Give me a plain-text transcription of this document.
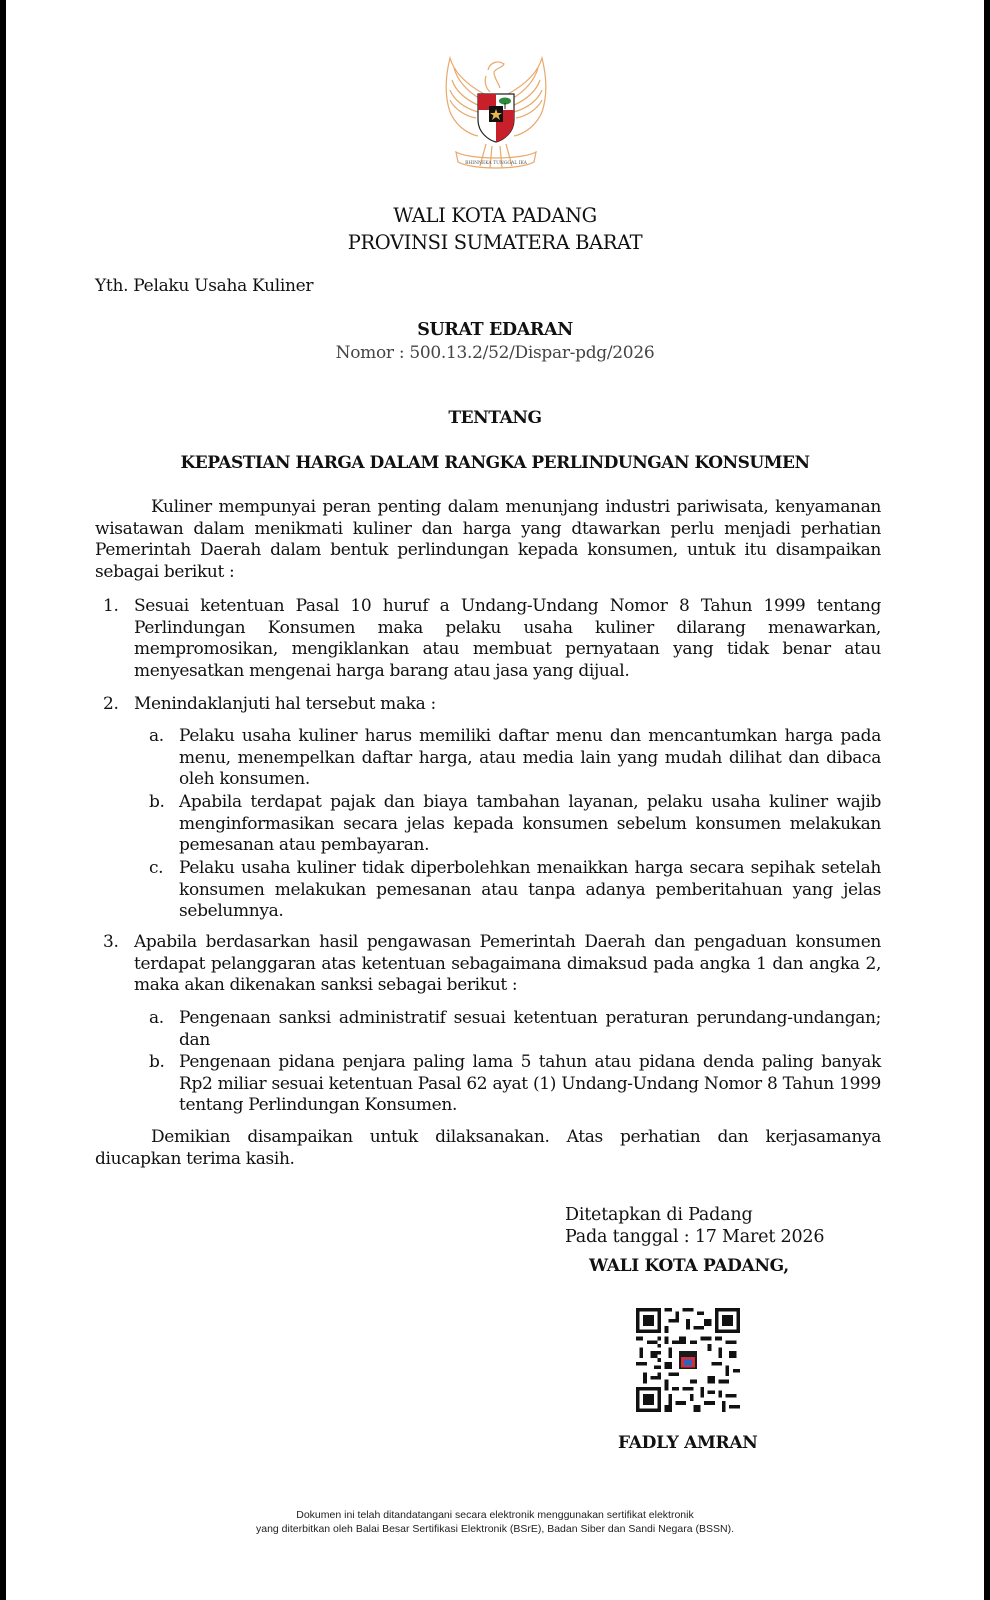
BHINNEKA TUNGGAL IKA
WALI KOTA PADANG
PROVINSI SUMATERA BARAT
Yth. Pelaku Usaha Kuliner
SURAT EDARAN
Nomor : 500.13.2/52/Dispar-pdg/2026
TENTANG
KEPASTIAN HARGA DALAM RANGKA PERLINDUNGAN KONSUMEN
Kuliner mempunyai peran penting dalam menunjang industri pariwisata, kenyamanan wisatawan dalam menikmati kuliner dan harga yang dtawarkan perlu menjadi perhatian Pemerintah Daerah dalam bentuk perlindungan kepada konsumen, untuk itu disampaikan sebagai berikut :
1. Sesuai ketentuan Pasal 10 huruf a Undang-Undang Nomor 8 Tahun 1999 tentang Perlindungan Konsumen maka pelaku usaha kuliner dilarang menawarkan, mempromosikan, mengiklankan atau membuat pernyataan yang tidak benar atau menyesatkan mengenai harga barang atau jasa yang dijual.
2. Menindaklanjuti hal tersebut maka :
a. Pelaku usaha kuliner harus memiliki daftar menu dan mencantumkan harga pada menu, menempelkan daftar harga, atau media lain yang mudah dilihat dan dibaca oleh konsumen.
b. Apabila terdapat pajak dan biaya tambahan layanan, pelaku usaha kuliner wajib menginformasikan secara jelas kepada konsumen sebelum konsumen melakukan pemesanan atau pembayaran.
c. Pelaku usaha kuliner tidak diperbolehkan menaikkan harga secara sepihak setelah konsumen melakukan pemesanan atau tanpa adanya pemberitahuan yang jelas sebelumnya.
3. Apabila berdasarkan hasil pengawasan Pemerintah Daerah dan pengaduan konsumen terdapat pelanggaran atas ketentuan sebagaimana dimaksud pada angka 1 dan angka 2, maka akan dikenakan sanksi sebagai berikut :
a. Pengenaan sanksi administratif sesuai ketentuan peraturan perundang-undangan; dan
b. Pengenaan pidana penjara paling lama 5 tahun atau pidana denda paling banyak Rp2 miliar sesuai ketentuan Pasal 62 ayat (1) Undang-Undang Nomor 8 Tahun 1999 tentang Perlindungan Konsumen.
Demikian disampaikan untuk dilaksanakan. Atas perhatian dan kerjasamanya diucapkan terima kasih.
Ditetapkan di Padang
Pada tanggal : 17 Maret 2026
WALI KOTA PADANG,
FADLY AMRAN
Dokumen ini telah ditandatangani secara elektronik menggunakan sertifikat elektronik
yang diterbitkan oleh Balai Besar Sertifikasi Elektronik (BSrE), Badan Siber dan Sandi Negara (BSSN).
